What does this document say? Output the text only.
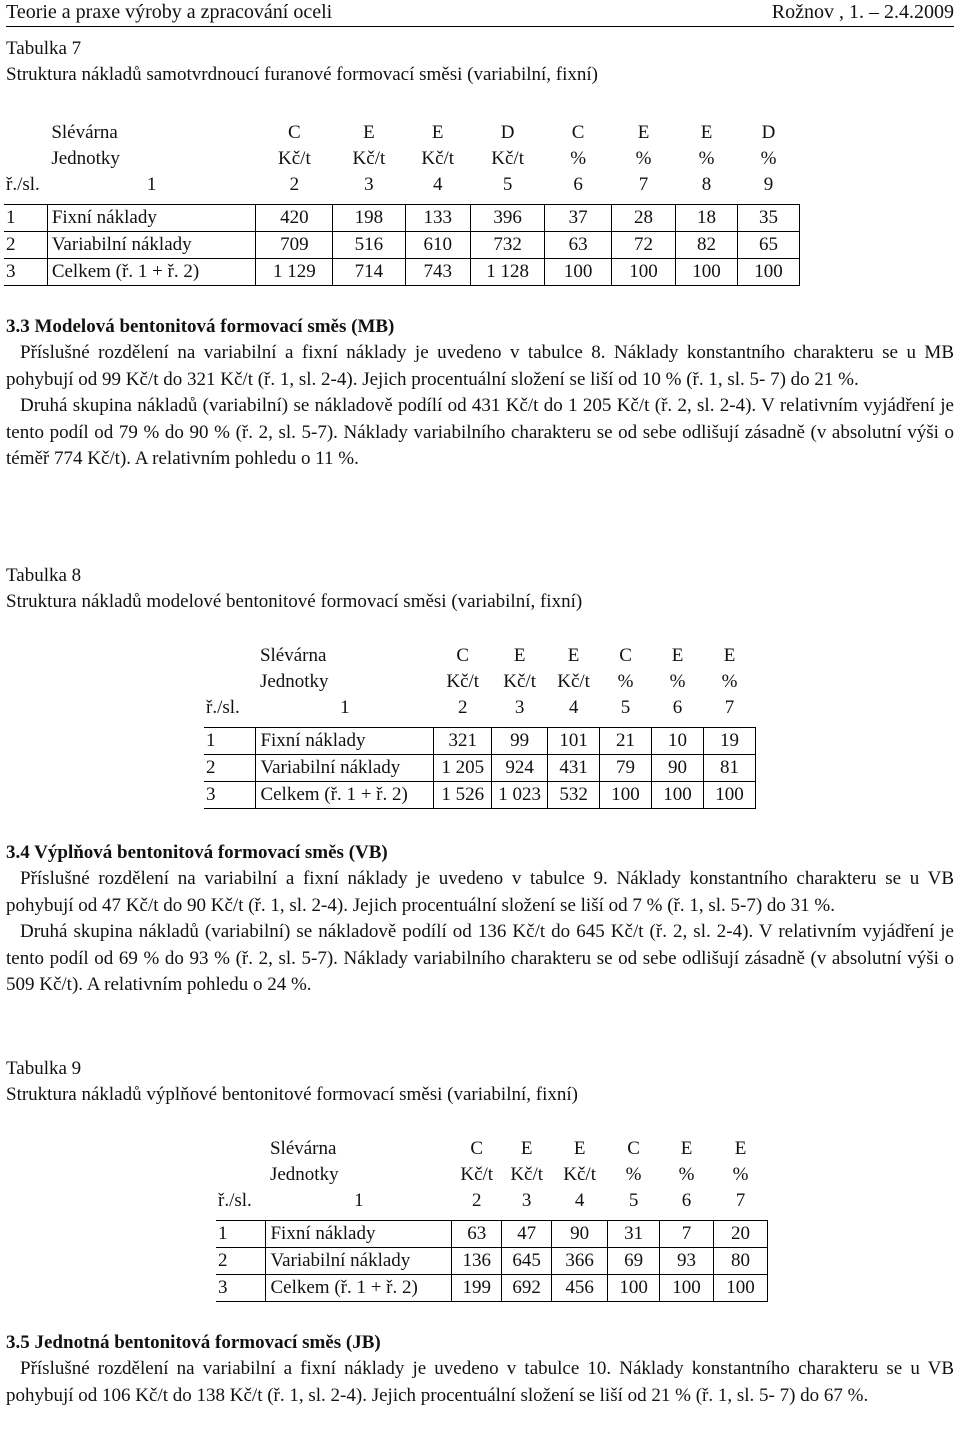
Teorie a praxe výroby a zpracování oceli	Rožnov , 1. – 2.4.2009
Tabulka 7
Struktura nákladů samotvrdnoucí furanové formovací směsi (variabilní, fixní)
	Slévárna	C	E	E	D	C	E	E	D
	Jednotky	Kč/t	Kč/t	Kč/t	Kč/t	%	%	%	%
ř./sl.	1	2	3	4	5	6	7	8	9

1	Fixní náklady	420	198	133	396	37	28	18	35
2	Variabilní náklady	709	516	610	732	63	72	82	65
3	Celkem (ř. 1 + ř. 2)	1 129	714	743	1 128	100	100	100	100
3.3 Modelová bentonitová formovací směs (MB)
Příslušné rozdělení na variabilní a fixní náklady je uvedeno v tabulce 8. Náklady konstantního charakteru se u MB pohybují od 99 Kč/t do 321 Kč/t (ř. 1, sl. 2-4). Jejich procentuální složení se liší od 10 % (ř. 1, sl. 5- 7) do 21 %.
Druhá skupina nákladů (variabilní) se nákladově podílí od 431 Kč/t do 1 205 Kč/t (ř. 2, sl. 2-4). V relativním vyjádření je tento podíl od 79 % do 90 % (ř. 2, sl. 5-7). Náklady variabilního charakteru se od sebe odlišují zásadně (v absolutní výši o téměř 774 Kč/t). A relativním pohledu o 11 %.
Tabulka 8
Struktura nákladů modelové bentonitové formovací směsi (variabilní, fixní)
	Slévárna	C	E	E	C	E	E
	Jednotky	Kč/t	Kč/t	Kč/t	%	%	%
ř./sl.	1	2	3	4	5	6	7

1	Fixní náklady	321	99	101	21	10	19
2	Variabilní náklady	1 205	924	431	79	90	81
3	Celkem (ř. 1 + ř. 2)	1 526	1 023	532	100	100	100
3.4 Výplňová bentonitová formovací směs (VB)
Příslušné rozdělení na variabilní a fixní náklady je uvedeno v tabulce 9. Náklady konstantního charakteru se u VB pohybují od 47 Kč/t do 90 Kč/t (ř. 1, sl. 2-4). Jejich procentuální složení se liší od 7 % (ř. 1, sl. 5-7) do 31 %.
Druhá skupina nákladů (variabilní) se nákladově podílí od 136 Kč/t do 645 Kč/t (ř. 2, sl. 2-4). V relativním vyjádření je tento podíl od 69 % do 93 % (ř. 2, sl. 5-7). Náklady variabilního charakteru se od sebe odlišují zásadně (v absolutní výši o 509 Kč/t). A relativním pohledu o 24 %.
Tabulka 9
Struktura nákladů výplňové bentonitové formovací směsi (variabilní, fixní)
	Slévárna	C	E	E	C	E	E
	Jednotky	Kč/t	Kč/t	Kč/t	%	%	%
ř./sl.	1	2	3	4	5	6	7

1	Fixní náklady	63	47	90	31	7	20
2	Variabilní náklady	136	645	366	69	93	80
3	Celkem (ř. 1 + ř. 2)	199	692	456	100	100	100
3.5 Jednotná bentonitová formovací směs (JB)
Příslušné rozdělení na variabilní a fixní náklady je uvedeno v tabulce 10. Náklady konstantního charakteru se u VB pohybují od 106 Kč/t do 138 Kč/t (ř. 1, sl. 2-4). Jejich procentuální složení se liší od 21 % (ř. 1, sl. 5- 7) do 67 %.
